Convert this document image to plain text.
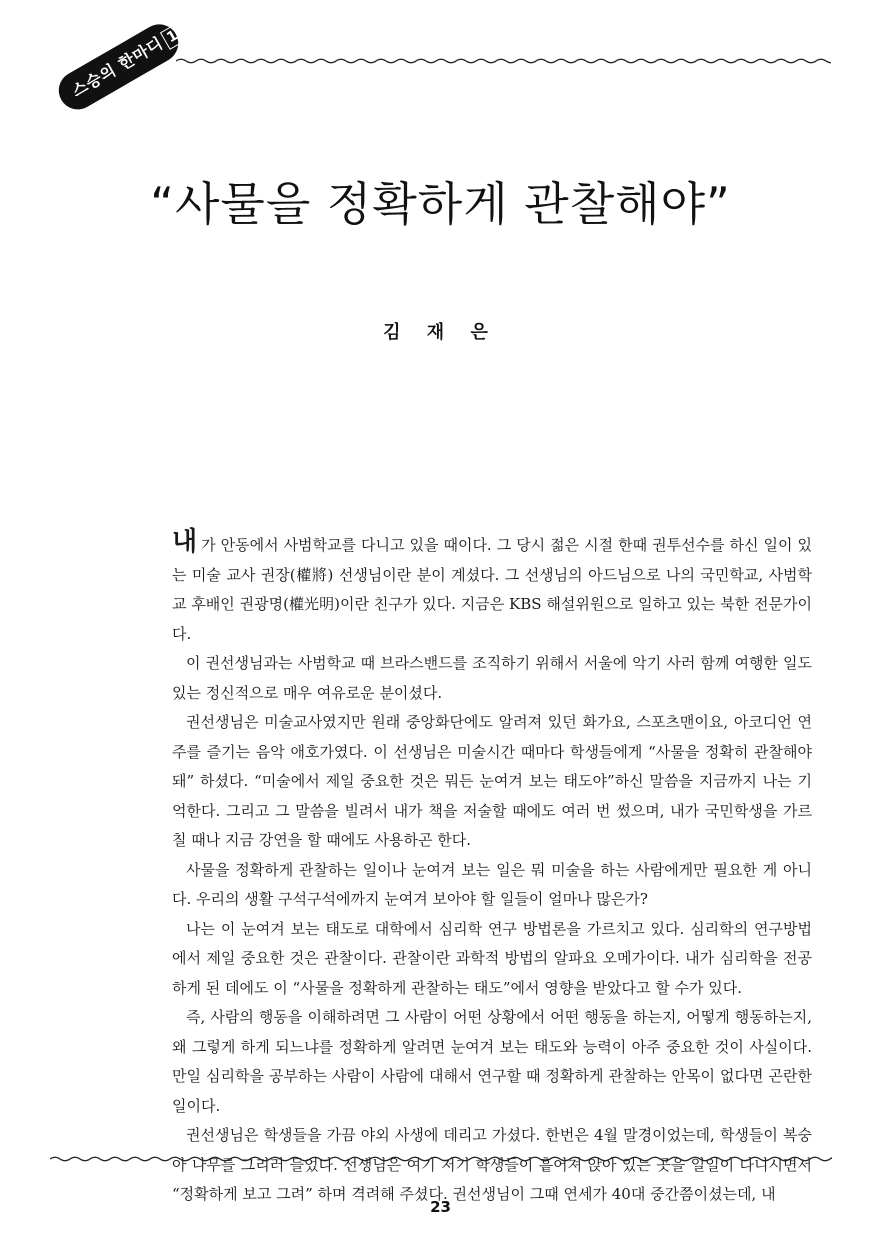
스승의 한마디15
“사물을 정확하게 관찰해야”
김 재 은

내가 안동에서 사범학교를 다니고 있을 때이다. 그 당시 젊은 시절 한때 권투선수를 하신 일이 있는 미술 교사 권장(權將) 선생님이란 분이 계셨다. 그 선생님의 아드님으로 나의 국민학교, 사범학교 후배인 권광명(權光明)이란 친구가 있다. 지금은 KBS 해설위원으로 일하고 있는 북한 전문가이다.

이 권선생님과는 사범학교 때 브라스밴드를 조직하기 위해서 서울에 악기 사러 함께 여행한 일도 있는 정신적으로 매우 여유로운 분이셨다.

권선생님은 미술교사였지만 원래 중앙화단에도 알려져 있던 화가요, 스포츠맨이요, 아코디언 연주를 즐기는 음악 애호가였다. 이 선생님은 미술시간 때마다 학생들에게 “사물을 정확히 관찰해야 돼” 하셨다. “미술에서 제일 중요한 것은 뭐든 눈여겨 보는 태도야”하신 말씀을 지금까지 나는 기억한다. 그리고 그 말씀을 빌려서 내가 책을 저술할 때에도 여러 번 썼으며, 내가 국민학생을 가르칠 때나 지금 강연을 할 때에도 사용하곤 한다.

사물을 정확하게 관찰하는 일이나 눈여겨 보는 일은 뭐 미술을 하는 사람에게만 필요한 게 아니다. 우리의 생활 구석구석에까지 눈여겨 보아야 할 일들이 얼마나 많은가?

나는 이 눈여겨 보는 태도로 대학에서 심리학 연구 방법론을 가르치고 있다. 심리학의 연구방법에서 제일 중요한 것은 관찰이다. 관찰이란 과학적 방법의 알파요 오메가이다. 내가 심리학을 전공하게 된 데에도 이 “사물을 정확하게 관찰하는 태도”에서 영향을 받았다고 할 수가 있다.

즉, 사람의 행동을 이해하려면 그 사람이 어떤 상황에서 어떤 행동을 하는지, 어떻게 행동하는지, 왜 그렇게 하게 되느냐를 정확하게 알려면 눈여겨 보는 태도와 능력이 아주 중요한 것이 사실이다. 만일 심리학을 공부하는 사람이 사람에 대해서 연구할 때 정확하게 관찰하는 안목이 없다면 곤란한 일이다.

권선생님은 학생들을 가끔 야외 사생에 데리고 가셨다. 한번은 4월 말경이었는데, 학생들이 복숭아 나무를 그리러 들었다. 선생님은 여기 저기 학생들이 흩어져 앉아 있는 곳을 일일이 다니시면서 “정확하게 보고 그려” 하며 격려해 주셨다. 권선생님이 그때 연세가 40대 중간쯤이셨는데, 내

23
